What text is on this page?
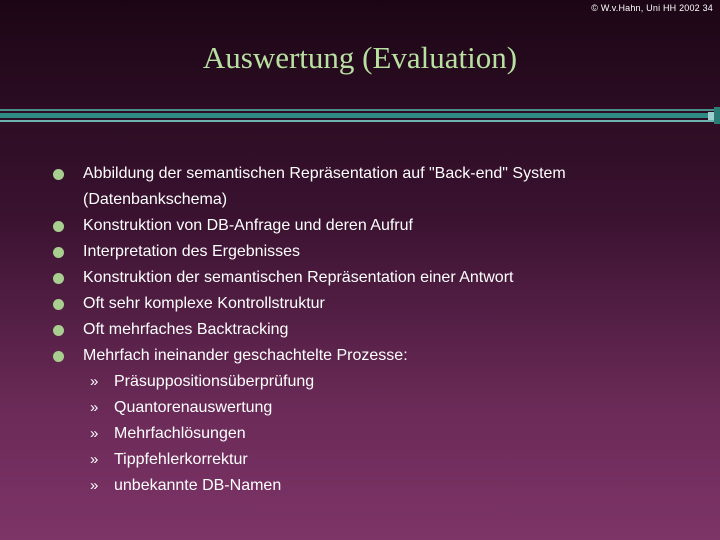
© W.v.Hahn, Uni HH 2002 34
Auswertung (Evaluation)
Abbildung der semantischen Repräsentation auf "Back-end" System (Datenbankschema)
Konstruktion von DB-Anfrage und deren Aufruf
Interpretation des Ergebnisses
Konstruktion der semantischen Repräsentation einer Antwort
Oft sehr komplexe Kontrollstruktur
Oft mehrfaches Backtracking
Mehrfach ineinander geschachtelte Prozesse:
» Präsuppositionsüberprüfung
» Quantorenauswertung
» Mehrfachlösungen
» Tippfehlerkorrektur
» unbekannte DB-Namen
